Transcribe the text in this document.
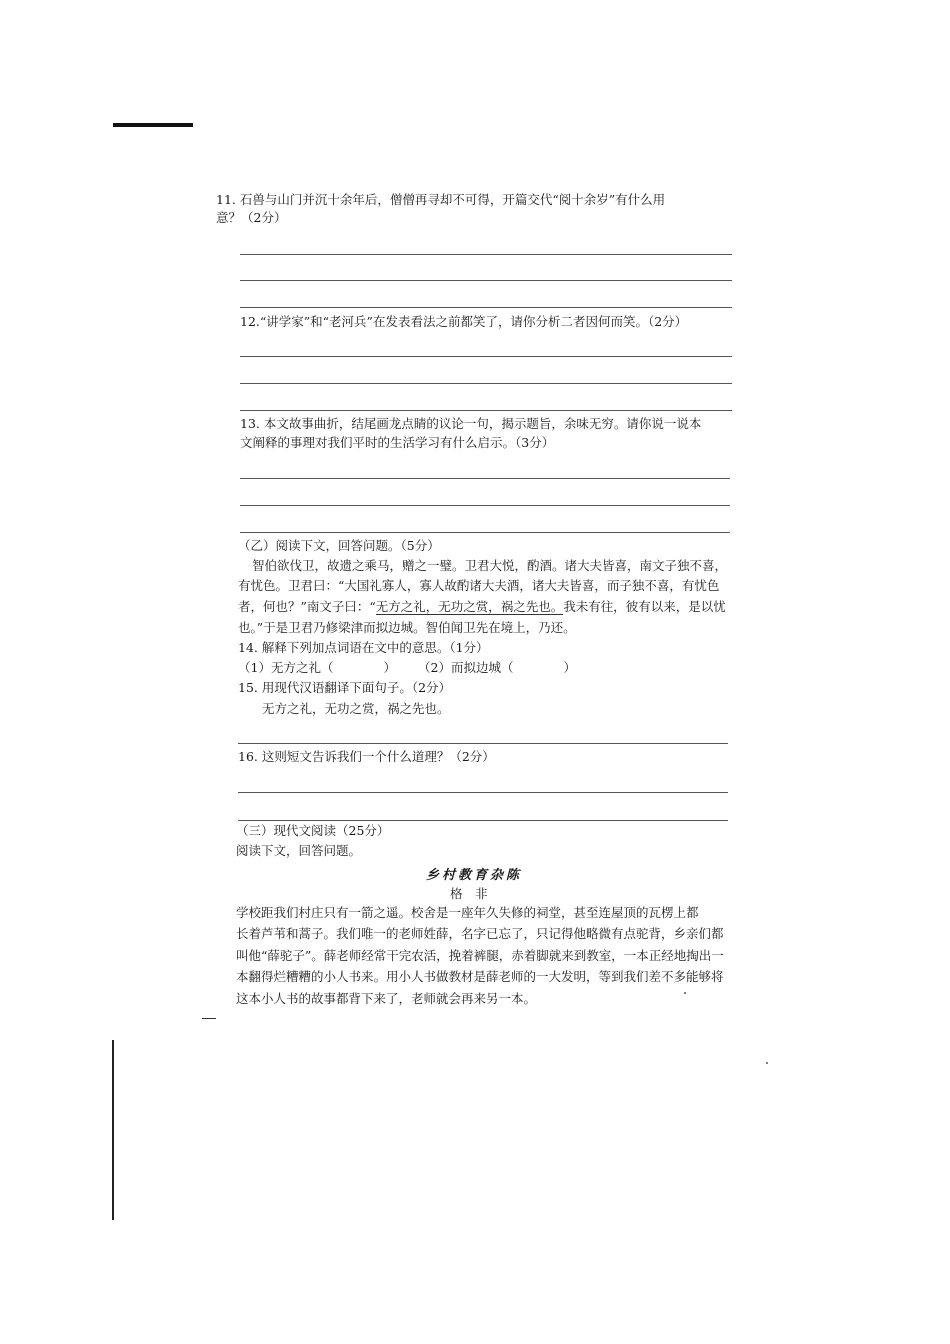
11. 石兽与山门并沉十余年后，僧僧再寻却不可得，开篇交代“阅十余岁”有什么用
意？（2分）
12.“讲学家”和“老河兵”在发表看法之前都笑了，请你分析二者因何而笑。（2分）
13. 本文故事曲折，结尾画龙点睛的议论一句，揭示题旨，余味无穷。请你说一说本
文阐释的事理对我们平时的生活学习有什么启示。（3分）
（乙）阅读下文，回答问题。（5分）
智伯欲伐卫，故遗之乘马，赠之一璧。卫君大悦，酌酒。诸大夫皆喜，南文子独不喜，
有忧色。卫君曰：“大国礼寡人，寡人故酌诸大夫酒，诸大夫皆喜，而子独不喜，有忧色
者，何也？”南文子曰：“无方之礼，无功之赏，祸之先也。我未有往，彼有以来，是以忧
也。”于是卫君乃修梁津而拟边城。智伯闻卫先在境上，乃还。
14. 解释下列加点词语在文中的意思。（1分）
（1）无方之礼（　　　　） （2）而拟边城（　　　　）
15. 用现代汉语翻译下面句子。（2分）
无方之礼，无功之赏，祸之先也。
16. 这则短文告诉我们一个什么道理？（2分）
（三）现代文阅读（25分）
阅读下文，回答问题。
乡村教育杂陈
格　非
学校距我们村庄只有一箭之遥。校舍是一座年久失修的祠堂，甚至连屋顶的瓦楞上都
长着芦苇和蒿子。我们唯一的老师姓薛，名字已忘了，只记得他略微有点驼背，乡亲们都
叫他“薛驼子”。薛老师经常干完农活，挽着裤腿，赤着脚就来到教室，一本正经地掏出一
本翻得烂糟糟的小人书来。用小人书做教材是薛老师的一大发明，等到我们差不多能够将
这本小人书的故事都背下来了，老师就会再来另一本。
